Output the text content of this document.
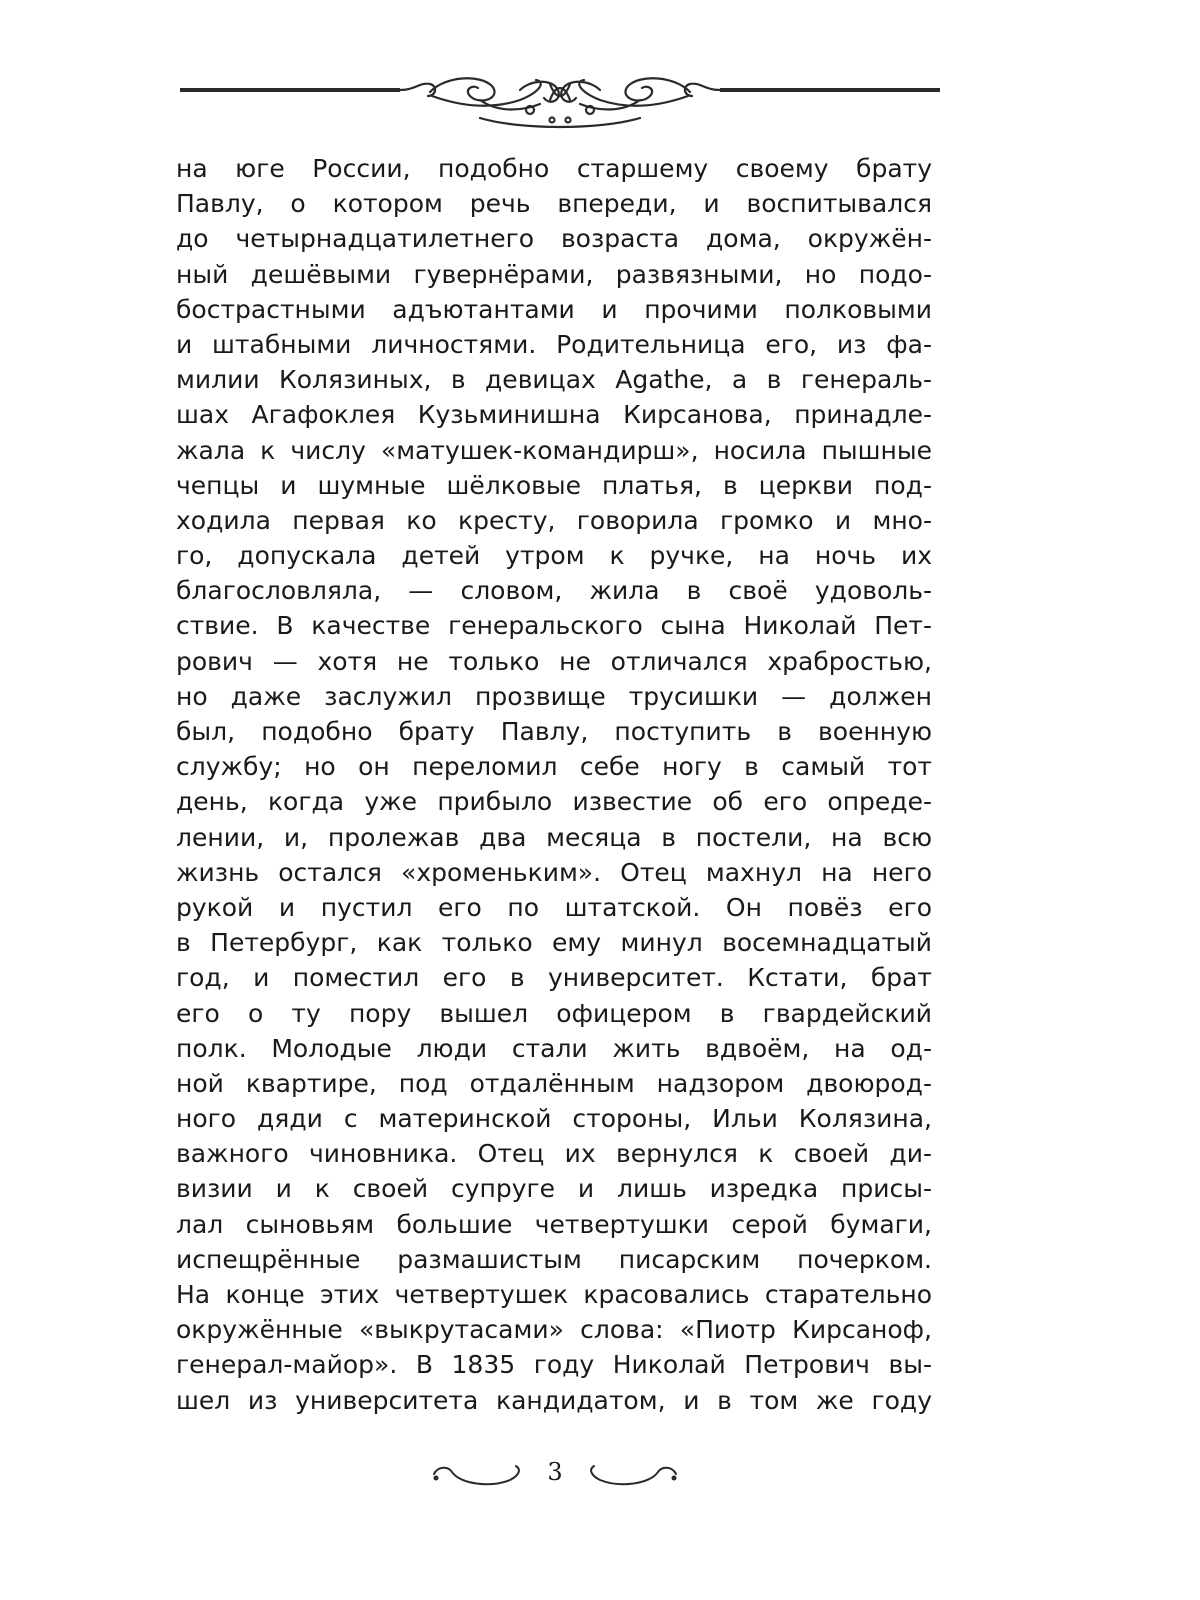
на юге России, подобно старшему своему брату
Павлу, о котором речь впереди, и воспитывался
до четырнадцатилетнего возраста дома, окружён-
ный дешёвыми гувернёрами, развязными, но подо-
бострастными адъютантами и прочими полковыми
и штабными личностями. Родительница его, из фа-
милии Колязиных, в девицах Agathe, а в генераль-
шах Агафоклея Кузьминишна Кирсанова, принадле-
жала к числу «матушек-командирш», носила пышные
чепцы и шумные шёлковые платья, в церкви под-
ходила первая ко кресту, говорила громко и мно-
го, допускала детей утром к ручке, на ночь их
благословляла, — словом, жила в своё удоволь-
ствие. В качестве генеральского сына Николай Пет-
рович — хотя не только не отличался храбростью,
но даже заслужил прозвище трусишки — должен
был, подобно брату Павлу, поступить в военную
службу; но он переломил себе ногу в самый тот
день, когда уже прибыло известие об его опреде-
лении, и, пролежав два месяца в постели, на всю
жизнь остался «хроменьким». Отец махнул на него
рукой и пустил его по штатской. Он повёз его
в Петербург, как только ему минул восемнадцатый
год, и поместил его в университет. Кстати, брат
его о ту пору вышел офицером в гвардейский
полк. Молодые люди стали жить вдвоём, на од-
ной квартире, под отдалённым надзором двоюрод-
ного дяди с материнской стороны, Ильи Колязина,
важного чиновника. Отец их вернулся к своей ди-
визии и к своей супруге и лишь изредка присы-
лал сыновьям большие четвертушки серой бумаги,
испещрённые размашистым писарским почерком.
На конце этих четвертушек красовались старательно
окружённые «выкрутасами» слова: «Пиотр Кирсаноф,
генерал-майор». В 1835 году Николай Петрович вы-
шел из университета кандидатом, и в том же году
3
